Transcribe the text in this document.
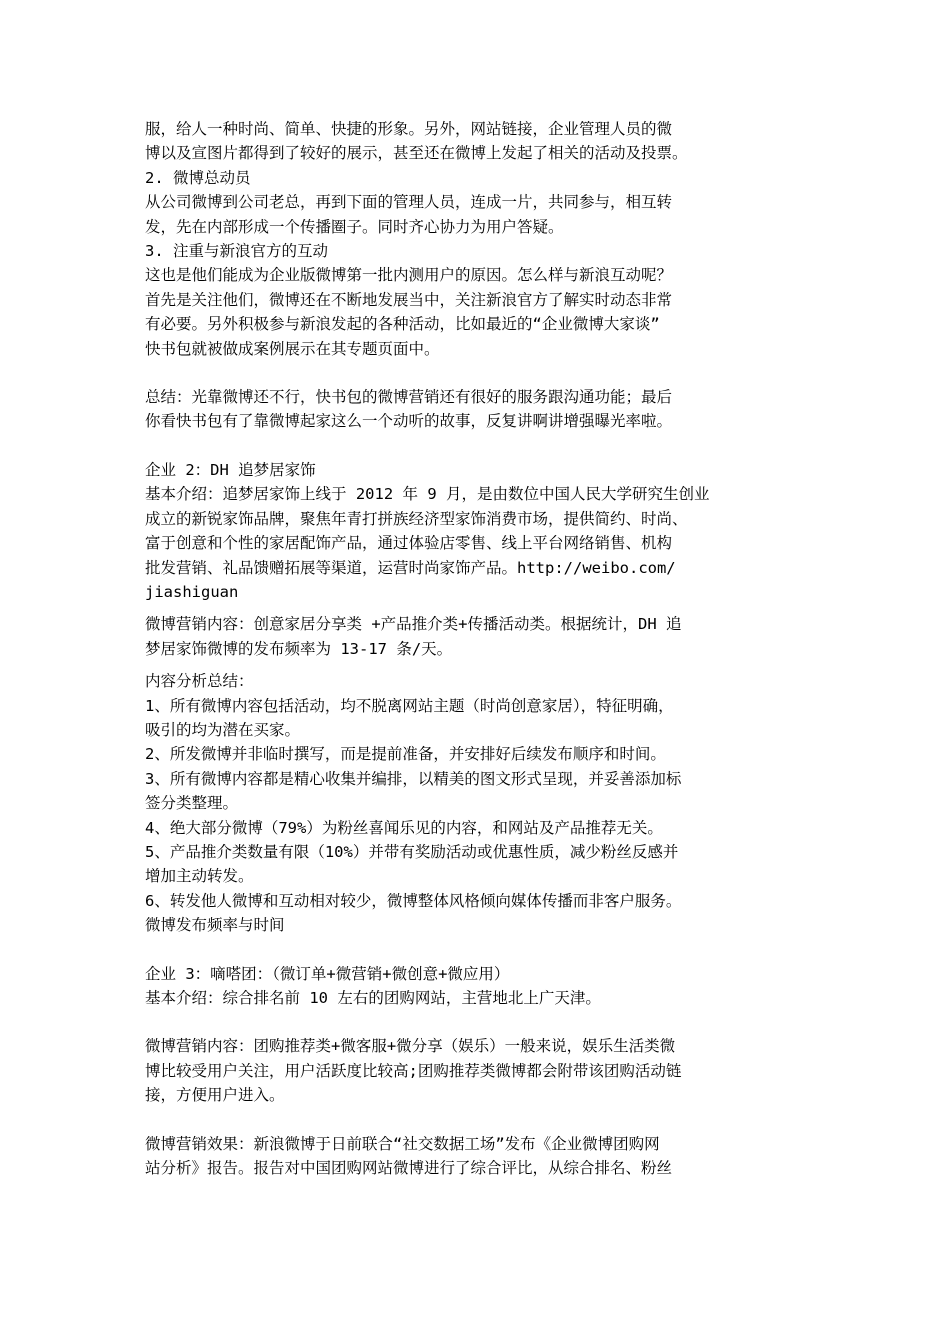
服，给人一种时尚、简单、快捷的形象。另外，网站链接，企业管理人员的微
博以及宣图片都得到了较好的展示，甚至还在微博上发起了相关的活动及投票。
2. 微博总动员
从公司微博到公司老总，再到下面的管理人员，连成一片，共同参与，相互转
发，先在内部形成一个传播圈子。同时齐心协力为用户答疑。
3. 注重与新浪官方的互动
这也是他们能成为企业版微博第一批内测用户的原因。怎么样与新浪互动呢？
首先是关注他们，微博还在不断地发展当中，关注新浪官方了解实时动态非常
有必要。另外积极参与新浪发起的各种活动，比如最近的“企业微博大家谈”
快书包就被做成案例展示在其专题页面中。
总结：光靠微博还不行，快书包的微博营销还有很好的服务跟沟通功能；最后
你看快书包有了靠微博起家这么一个动听的故事，反复讲啊讲增强曝光率啦。
企业 2：DH 追梦居家饰
基本介绍：追梦居家饰上线于 2012 年 9 月，是由数位中国人民大学研究生创业
成立的新锐家饰品牌，聚焦年青打拼族经济型家饰消费市场，提供简约、时尚、
富于创意和个性的家居配饰产品，通过体验店零售、线上平台网络销售、机构
批发营销、礼品馈赠拓展等渠道，运营时尚家饰产品。http://weibo.com/
jiashiguan
微博营销内容：创意家居分享类 +产品推介类+传播活动类。根据统计，DH 追
梦居家饰微博的发布频率为 13-17 条/天。
内容分析总结：
1、所有微博内容包括活动，均不脱离网站主题（时尚创意家居），特征明确，
吸引的均为潜在买家。
2、所发微博并非临时撰写，而是提前准备，并安排好后续发布顺序和时间。
3、所有微博内容都是精心收集并编排，以精美的图文形式呈现，并妥善添加标
签分类整理。
4、绝大部分微博（79%）为粉丝喜闻乐见的内容，和网站及产品推荐无关。
5、产品推介类数量有限（10%）并带有奖励活动或优惠性质，减少粉丝反感并
增加主动转发。
6、转发他人微博和互动相对较少，微博整体风格倾向媒体传播而非客户服务。
微博发布频率与时间
企业 3：嘀嗒团：（微订单+微营销+微创意+微应用）
基本介绍：综合排名前 10 左右的团购网站，主营地北上广天津。
微博营销内容：团购推荐类+微客服+微分享（娱乐）一般来说，娱乐生活类微
博比较受用户关注，用户活跃度比较高;团购推荐类微博都会附带该团购活动链
接，方便用户进入。
微博营销效果：新浪微博于日前联合“社交数据工场”发布《企业微博团购网
站分析》报告。报告对中国团购网站微博进行了综合评比，从综合排名、粉丝
